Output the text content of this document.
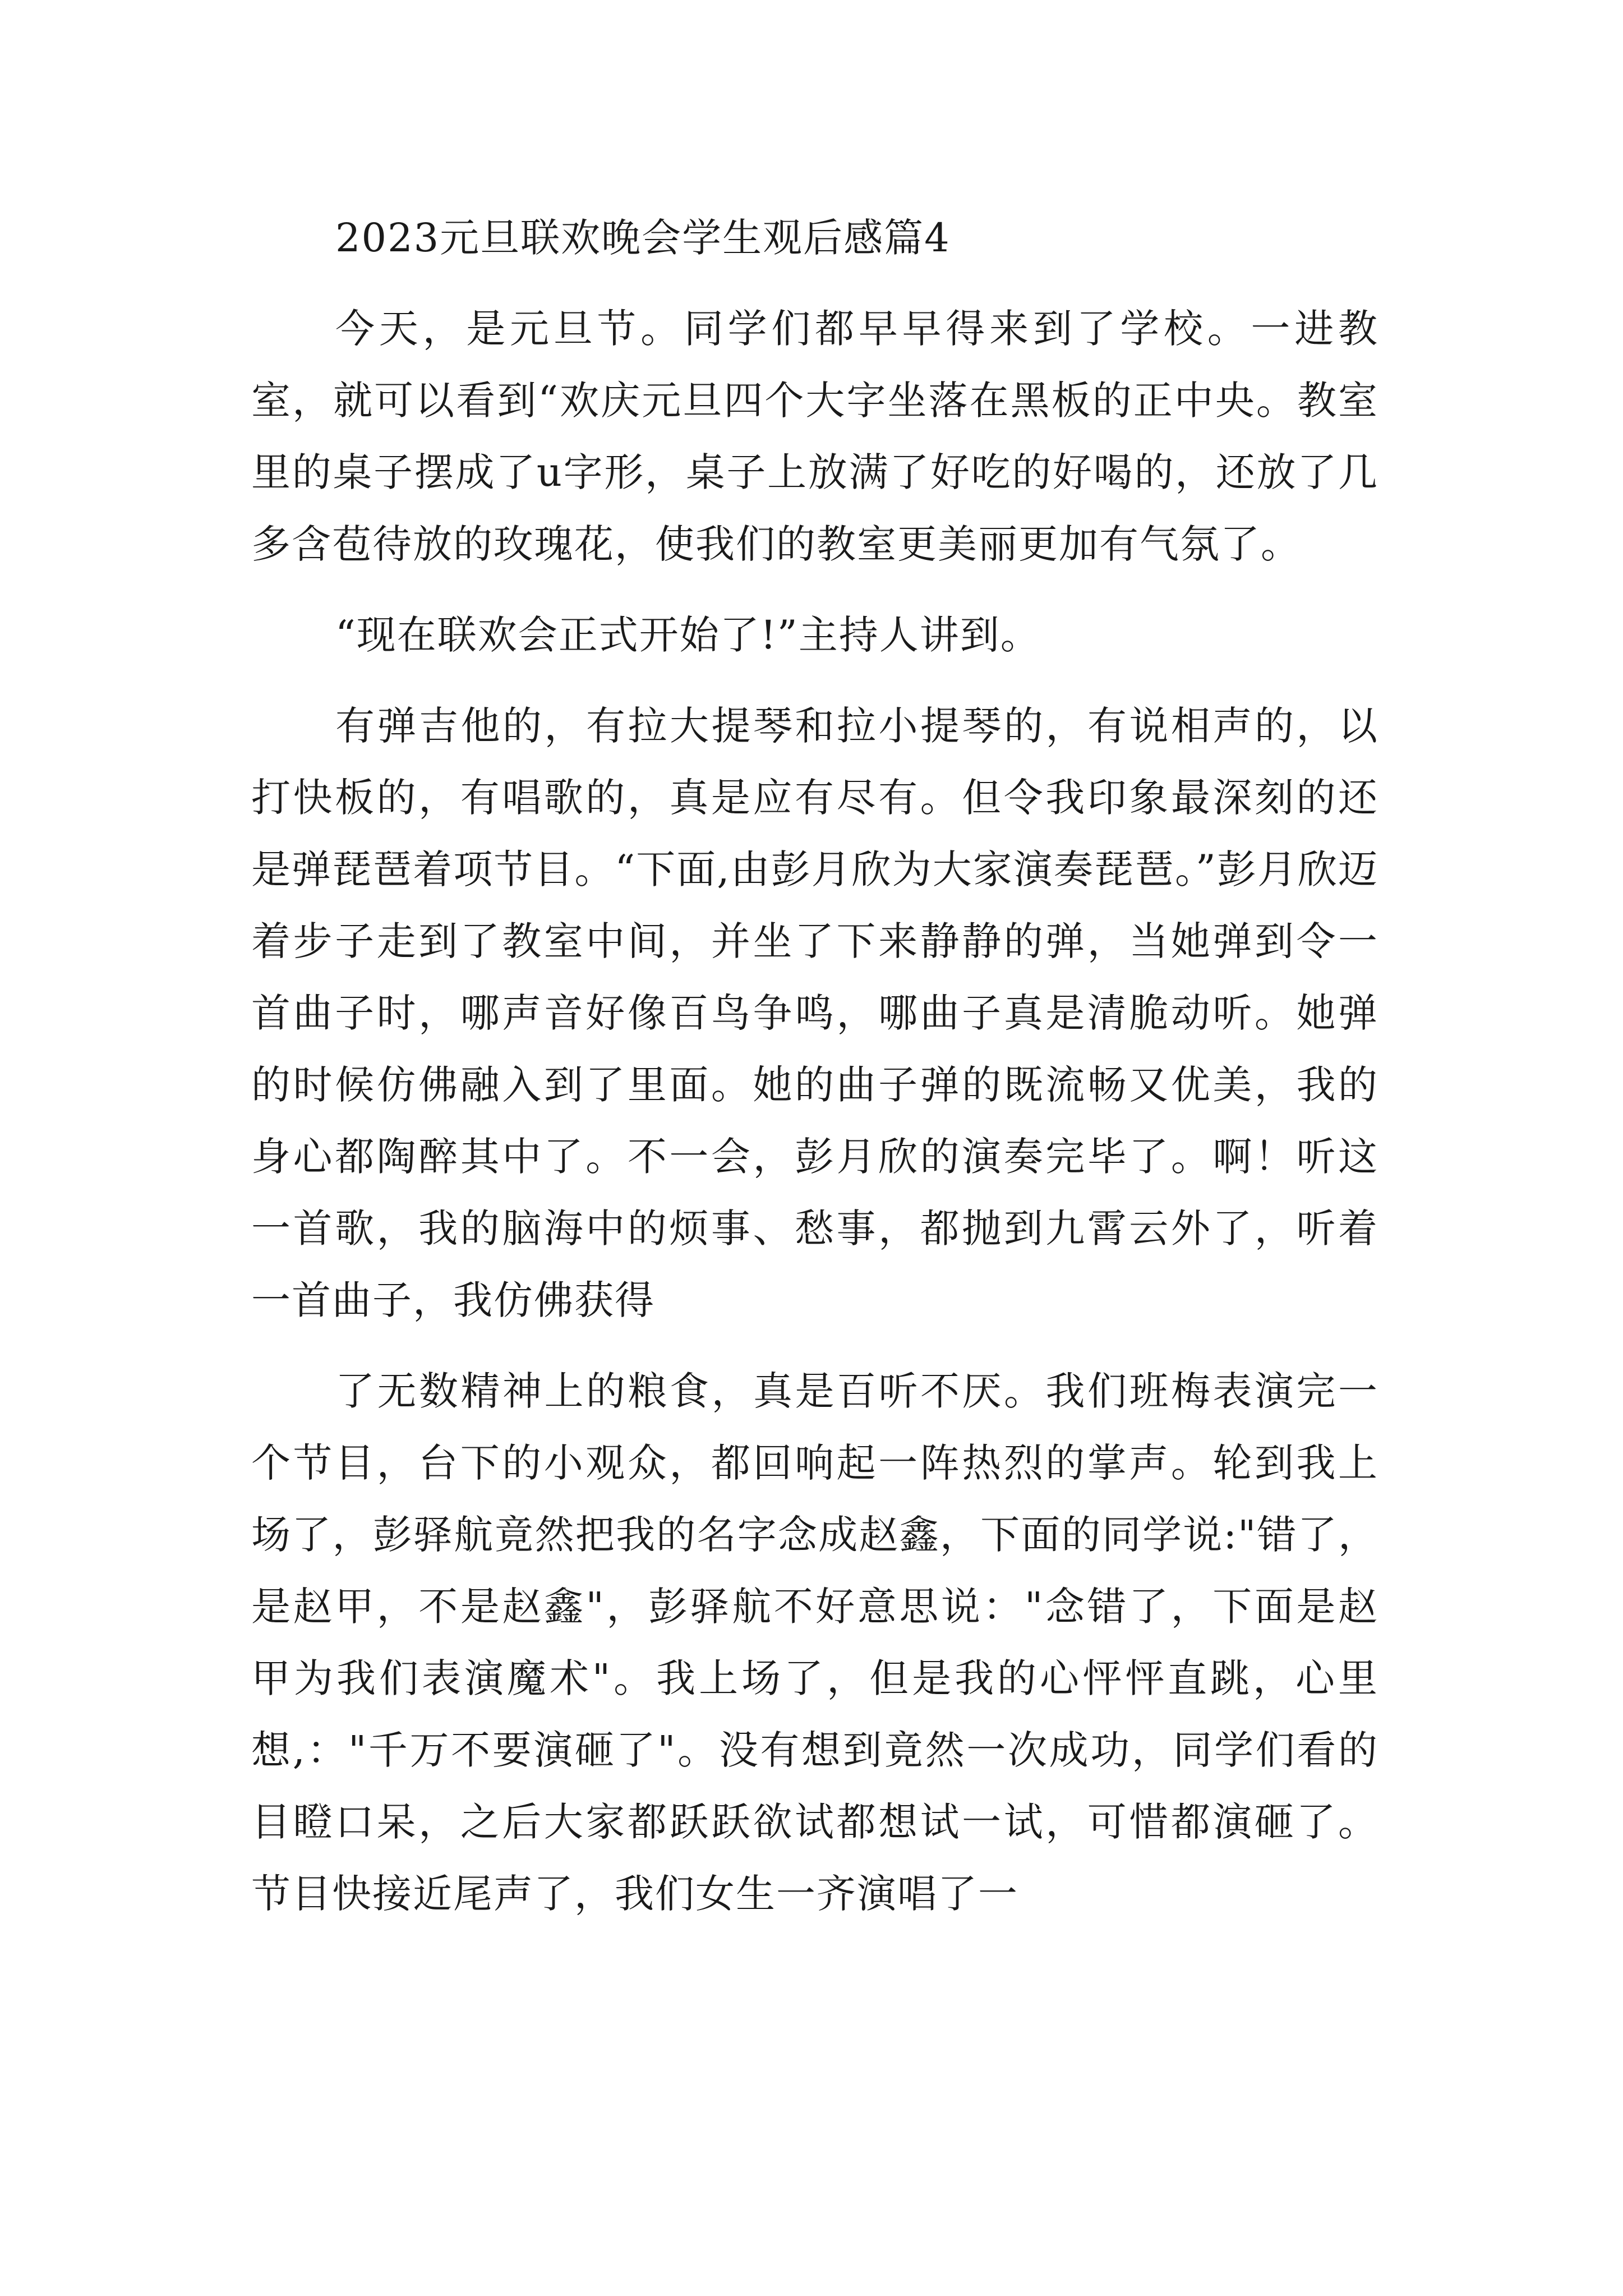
2023元旦联欢晚会学生观后感篇4

今天，是元旦节。同学们都早早得来到了学校。一进教室，就可以看到“欢庆元旦四个大字坐落在黑板的正中央。教室里的桌子摆成了u字形，桌子上放满了好吃的好喝的，还放了几多含苞待放的玫瑰花，使我们的教室更美丽更加有气氛了。

“现在联欢会正式开始了!”主持人讲到。

有弹吉他的，有拉大提琴和拉小提琴的，有说相声的，以打快板的，有唱歌的，真是应有尽有。但令我印象最深刻的还是弹琵琶着项节目。“下面,由彭月欣为大家演奏琵琶。”彭月欣迈着步子走到了教室中间，并坐了下来静静的弹，当她弹到令一首曲子时，哪声音好像百鸟争鸣，哪曲子真是清脆动听。她弹的时候仿佛融入到了里面。她的曲子弹的既流畅又优美，我的身心都陶醉其中了。不一会，彭月欣的演奏完毕了。啊！听这一首歌，我的脑海中的烦事、愁事，都抛到九霄云外了，听着一首曲子，我仿佛获得

了无数精神上的粮食，真是百听不厌。我们班梅表演完一个节目，台下的小观众，都回响起一阵热烈的掌声。轮到我上场了，彭驿航竟然把我的名字念成赵鑫，下面的同学说:"错了，是赵甲，不是赵鑫"，彭驿航不好意思说："念错了，下面是赵甲为我们表演魔术"。我上场了，但是我的心怦怦直跳，心里想,："千万不要演砸了"。没有想到竟然一次成功，同学们看的目瞪口呆，之后大家都跃跃欲试都想试一试，可惜都演砸了。节目快接近尾声了，我们女生一齐演唱了一
